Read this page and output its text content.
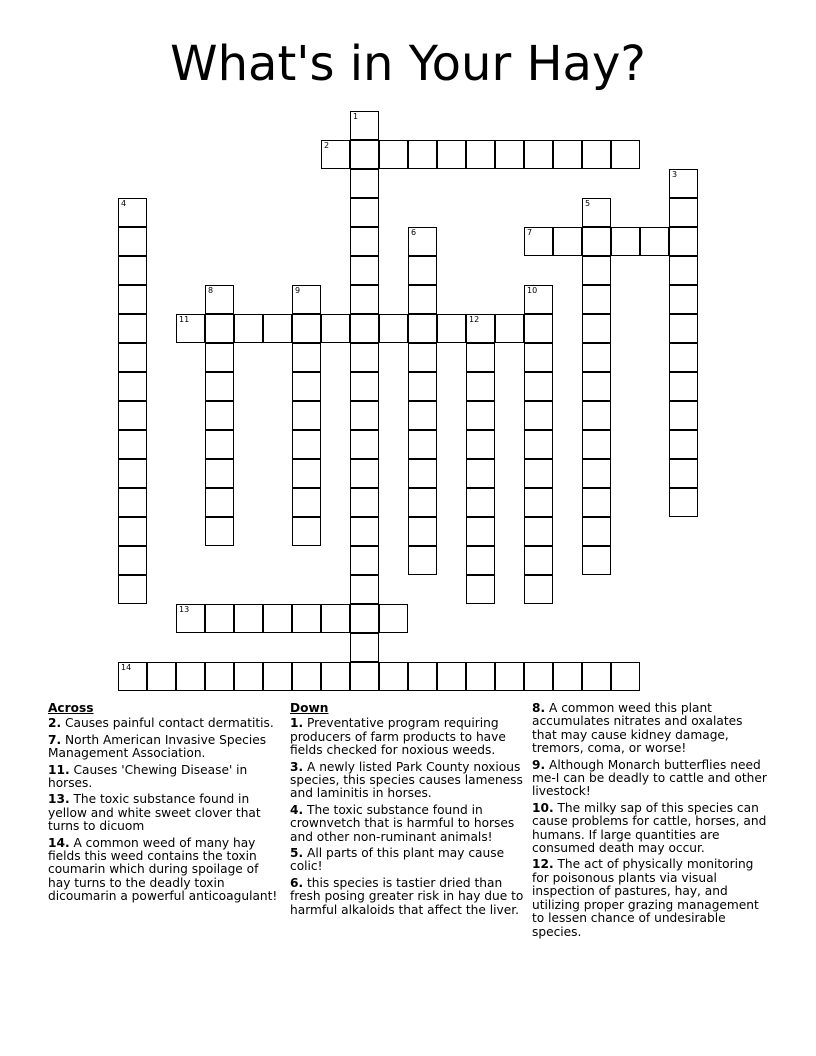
What's in Your Hay?
1
2
3
4	5
6	7
8	9	10
11	12
13
14
Across
2. Causes painful contact dermatitis.
7. North American Invasive Species Management Association.
11. Causes 'Chewing Disease' in horses.
13. The toxic substance found in yellow and white sweet clover that turns to dicuom
14. A common weed of many hay fields this weed contains the toxin coumarin which during spoilage of hay turns to the deadly toxin dicoumarin a powerful anticoagulant!
Down
1. Preventative program requiring producers of farm products to have fields checked for noxious weeds.
3. A newly listed Park County noxious species, this species causes lameness and laminitis in horses.
4. The toxic substance found in crownvetch that is harmful to horses and other non-ruminant animals!
5. All parts of this plant may cause colic!
6. this species is tastier dried than fresh posing greater risk in hay due to harmful alkaloids that affect the liver.
8. A common weed this plant accumulates nitrates and oxalates that may cause kidney damage, tremors, coma, or worse!
9. Although Monarch butterflies need me-I can be deadly to cattle and other livestock!
10. The milky sap of this species can cause problems for cattle, horses, and humans. If large quantities are consumed death may occur.
12. The act of physically monitoring for poisonous plants via visual inspection of pastures, hay, and utilizing proper grazing management to lessen chance of undesirable species.
